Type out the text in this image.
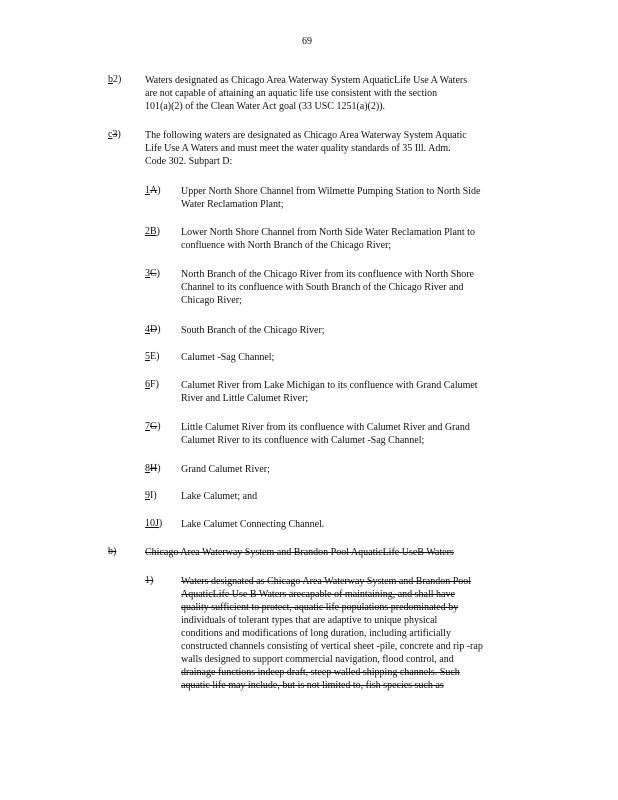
69
b2) Waters designated as Chicago Area Waterway System AquaticLife Use A Waters
are not capable of attaining an aquatic life use consistent with the section
101(a)(2) of the Clean Water Act goal (33 USC 1251(a)(2)).
c3) The following waters are designated as Chicago Area Waterway System Aquatic
Life Use A Waters and must meet the water quality standards of 35 Ill. Adm.
Code 302. Subpart D:
1A) Upper North Shore Channel from Wilmette Pumping Station to North Side
Water Reclamation Plant;
2B) Lower North Shore Channel from North Side Water Reclamation Plant to
confluence with North Branch of the Chicago River;
3C) North Branch of the Chicago River from its confluence with North Shore
Channel to its confluence with South Branch of the Chicago River and
Chicago River;
4D) South Branch of the Chicago River;
5E) Calumet -Sag Channel;
6F) Calumet River from Lake Michigan to its confluence with Grand Calumet
River and Little Calumet River;
7G) Little Calumet River from its confluence with Calumet River and Grand
Calumet River to its confluence with Calumet -Sag Channel;
8H) Grand Calumet River;
9I) Lake Calumet; and
10J) Lake Calumet Connecting Channel.
b)	Chicago Area Waterway System and Brandon Pool AquaticLife UseB Waters
1)	Waters designated as Chicago Area Waterway System and Brandon Pool
AquaticLife Use B Waters arecapable of maintaining, and shall have
quality sufficient to protect, aquatic life populations predominated by
individuals of tolerant types that are adaptive to unique physical
conditions and modifications of long duration, including artificially
constructed channels consisting of vertical sheet -pile, concrete and rip -rap
walls designed to support commercial navigation, flood control, and
drainage functions indeep draft, steep walled shipping channels. Such
aquatic life may include, but is not limited to, fish species such as
